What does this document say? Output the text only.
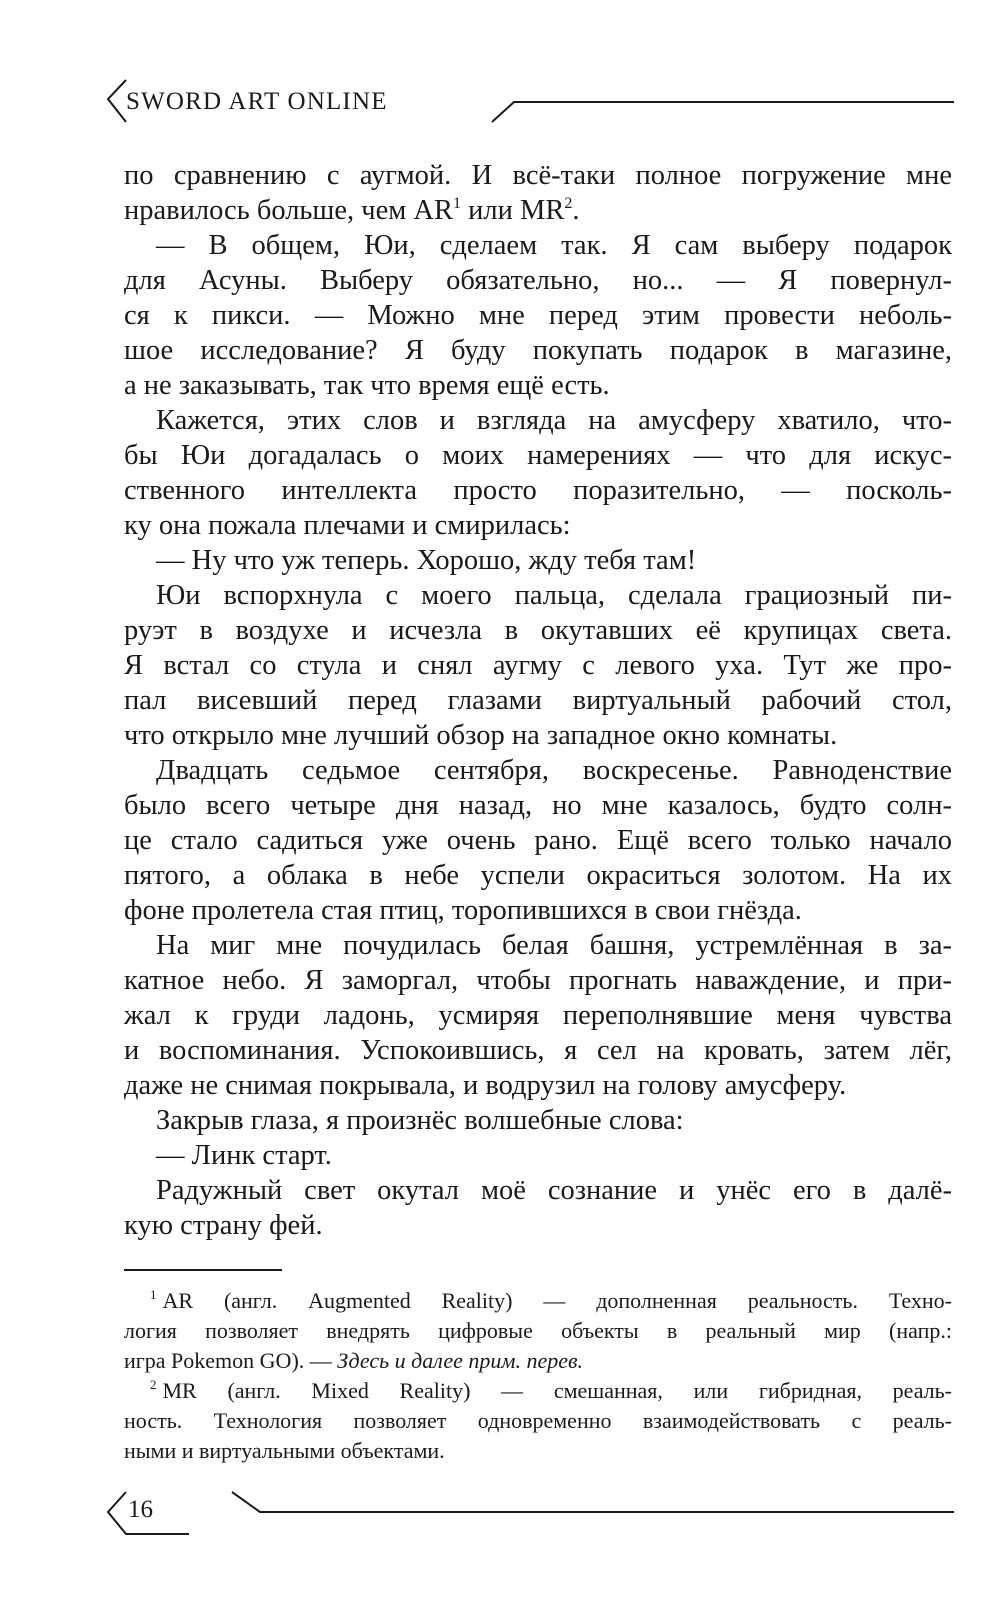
SWORD ART ONLINE
по сравнению с аугмой. И всё-таки полное погружение мне
нравилось больше, чем AR$^1$ или MR$^2$.
— В общем, Юи, сделаем так. Я сам выберу подарок
для Асуны. Выберу обязательно, но... — Я повернул-
ся к пикси. — Можно мне перед этим провести неболь-
шое исследование? Я буду покупать подарок в магазине,
а не заказывать, так что время ещё есть.
Кажется, этих слов и взгляда на амусферу хватило, что-
бы Юи догадалась о моих намерениях — что для искус-
ственного интеллекта просто поразительно, — посколь-
ку она пожала плечами и смирилась:
— Ну что уж теперь. Хорошо, жду тебя там!
Юи вспорхнула с моего пальца, сделала грациозный пи-
руэт в воздухе и исчезла в окутавших её крупицах света.
Я встал со стула и снял аугму с левого уха. Тут же про-
пал висевший перед глазами виртуальный рабочий стол,
что открыло мне лучший обзор на западное окно комнаты.
Двадцать седьмое сентября, воскресенье. Равноденствие
было всего четыре дня назад, но мне казалось, будто солн-
це стало садиться уже очень рано. Ещё всего только начало
пятого, а облака в небе успели окраситься золотом. На их
фоне пролетела стая птиц, торопившихся в свои гнёзда.
На миг мне почудилась белая башня, устремлённая в за-
катное небо. Я заморгал, чтобы прогнать наваждение, и при-
жал к груди ладонь, усмиряя переполнявшие меня чувства
и воспоминания. Успокоившись, я сел на кровать, затем лёг,
даже не снимая покрывала, и водрузил на голову амусферу.
Закрыв глаза, я произнёс волшебные слова:
— Линк старт.
Радужный свет окутал моё сознание и унёс его в далё-
кую страну фей.
$^1$ AR (англ. Augmented Reality) — дополненная реальность. Техно-
логия позволяет внедрять цифровые объекты в реальный мир (напр.:
игра Pokemon GO). — Здесь и далее прим. перев.
$^2$ MR (англ. Mixed Reality) — смешанная, или гибридная, реаль-
ность. Технология позволяет одновременно взаимодействовать с реаль-
ными и виртуальными объектами.
16
